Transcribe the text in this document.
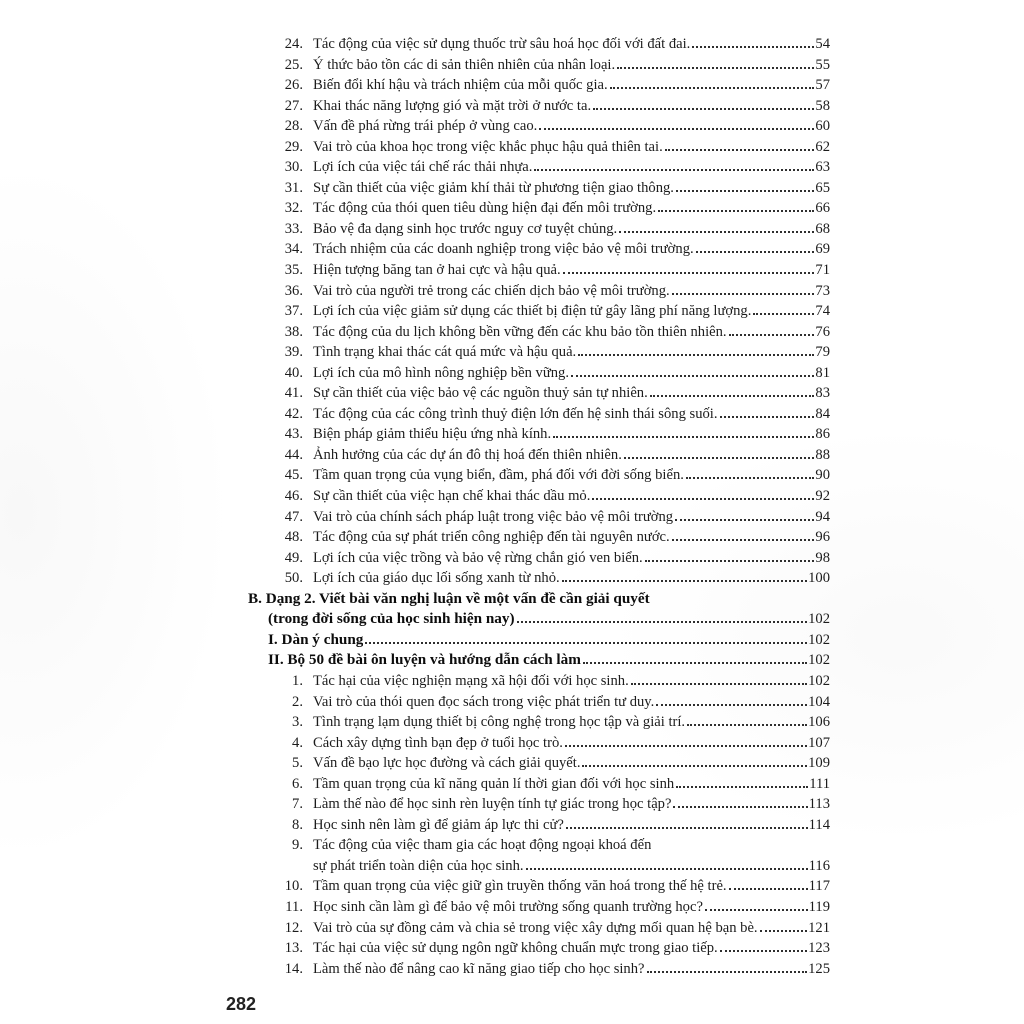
24. Tác động của việc sử dụng thuốc trừ sâu hoá học đối với đất đai.	54
25. Ý thức bảo tồn các di sản thiên nhiên của nhân loại.	55
26. Biến đổi khí hậu và trách nhiệm của mỗi quốc gia.	57
27. Khai thác năng lượng gió và mặt trời ở nước ta.	58
28. Vấn đề phá rừng trái phép ở vùng cao.	60
29. Vai trò của khoa học trong việc khắc phục hậu quả thiên tai.	62
30. Lợi ích của việc tái chế rác thải nhựa.	63
31. Sự cần thiết của việc giảm khí thải từ phương tiện giao thông.	65
32. Tác động của thói quen tiêu dùng hiện đại đến môi trường.	66
33. Bảo vệ đa dạng sinh học trước nguy cơ tuyệt chủng.	68
34. Trách nhiệm của các doanh nghiệp trong việc bảo vệ môi trường.	69
35. Hiện tượng băng tan ở hai cực và hậu quả.	71
36. Vai trò của người trẻ trong các chiến dịch bảo vệ môi trường.	73
37. Lợi ích của việc giảm sử dụng các thiết bị điện tử gây lãng phí năng lượng.	74
38. Tác động của du lịch không bền vững đến các khu bảo tồn thiên nhiên.	76
39. Tình trạng khai thác cát quá mức và hậu quả.	79
40. Lợi ích của mô hình nông nghiệp bền vững.	81
41. Sự cần thiết của việc bảo vệ các nguồn thuỷ sản tự nhiên.	83
42. Tác động của các công trình thuỷ điện lớn đến hệ sinh thái sông suối.	84
43. Biện pháp giảm thiểu hiệu ứng nhà kính.	86
44. Ảnh hưởng của các dự án đô thị hoá đến thiên nhiên.	88
45. Tầm quan trọng của vụng biển, đầm, phá đối với đời sống biển.	90
46. Sự cần thiết của việc hạn chế khai thác dầu mỏ.	92
47. Vai trò của chính sách pháp luật trong việc bảo vệ môi trường	94
48. Tác động của sự phát triển công nghiệp đến tài nguyên nước.	96
49. Lợi ích của việc trồng và bảo vệ rừng chắn gió ven biển.	98
50. Lợi ích của giáo dục lối sống xanh từ nhỏ.	100
B. Dạng 2. Viết bài văn nghị luận về một vấn đề cần giải quyết
(trong đời sống của học sinh hiện nay)	102
I. Dàn ý chung	102
II. Bộ 50 đề bài ôn luyện và hướng dẫn cách làm	102
1. Tác hại của việc nghiện mạng xã hội đối với học sinh.	102
2. Vai trò của thói quen đọc sách trong việc phát triển tư duy.	104
3. Tình trạng lạm dụng thiết bị công nghệ trong học tập và giải trí.	106
4. Cách xây dựng tình bạn đẹp ở tuổi học trò.	107
5. Vấn đề bạo lực học đường và cách giải quyết.	109
6. Tầm quan trọng của kĩ năng quản lí thời gian đối với học sinh	111
7. Làm thế nào để học sinh rèn luyện tính tự giác trong học tập?	113
8. Học sinh nên làm gì để giảm áp lực thi cử?	114
9. Tác động của việc tham gia các hoạt động ngoại khoá đến
sự phát triển toàn diện của học sinh.	116
10. Tầm quan trọng của việc giữ gìn truyền thống văn hoá trong thế hệ trẻ.	117
11. Học sinh cần làm gì để bảo vệ môi trường sống quanh trường học?	119
12. Vai trò của sự đồng cảm và chia sẻ trong việc xây dựng mối quan hệ bạn bè.	121
13. Tác hại của việc sử dụng ngôn ngữ không chuẩn mực trong giao tiếp.	123
14. Làm thế nào để nâng cao kĩ năng giao tiếp cho học sinh?	125
282
